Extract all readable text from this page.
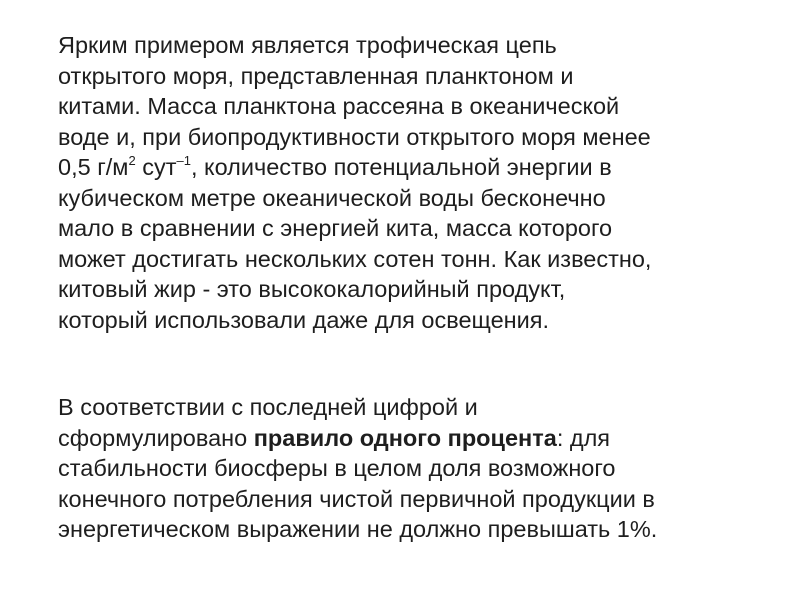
Ярким примером является трофическая цепь
открытого моря, представленная планктоном и
китами. Масса планктона рассеяна в океанической
воде и, при биопродуктивности открытого моря менее
0,5 $г/м^2$ сут$^{-1}$, количество потенциальной энергии в
кубическом метре океанической воды бесконечно
мало в сравнении с энергией кита, масса которого
может достигать нескольких сотен тонн. Как известно,
китовый жир - это высококалорийный продукт,
который использовали даже для освещения.
В соответствии с последней цифрой и
сформулировано правило одного процента: для
стабильности биосферы в целом доля возможного
конечного потребления чистой первичной продукции в
энергетическом выражении не должно превышать 1%.
